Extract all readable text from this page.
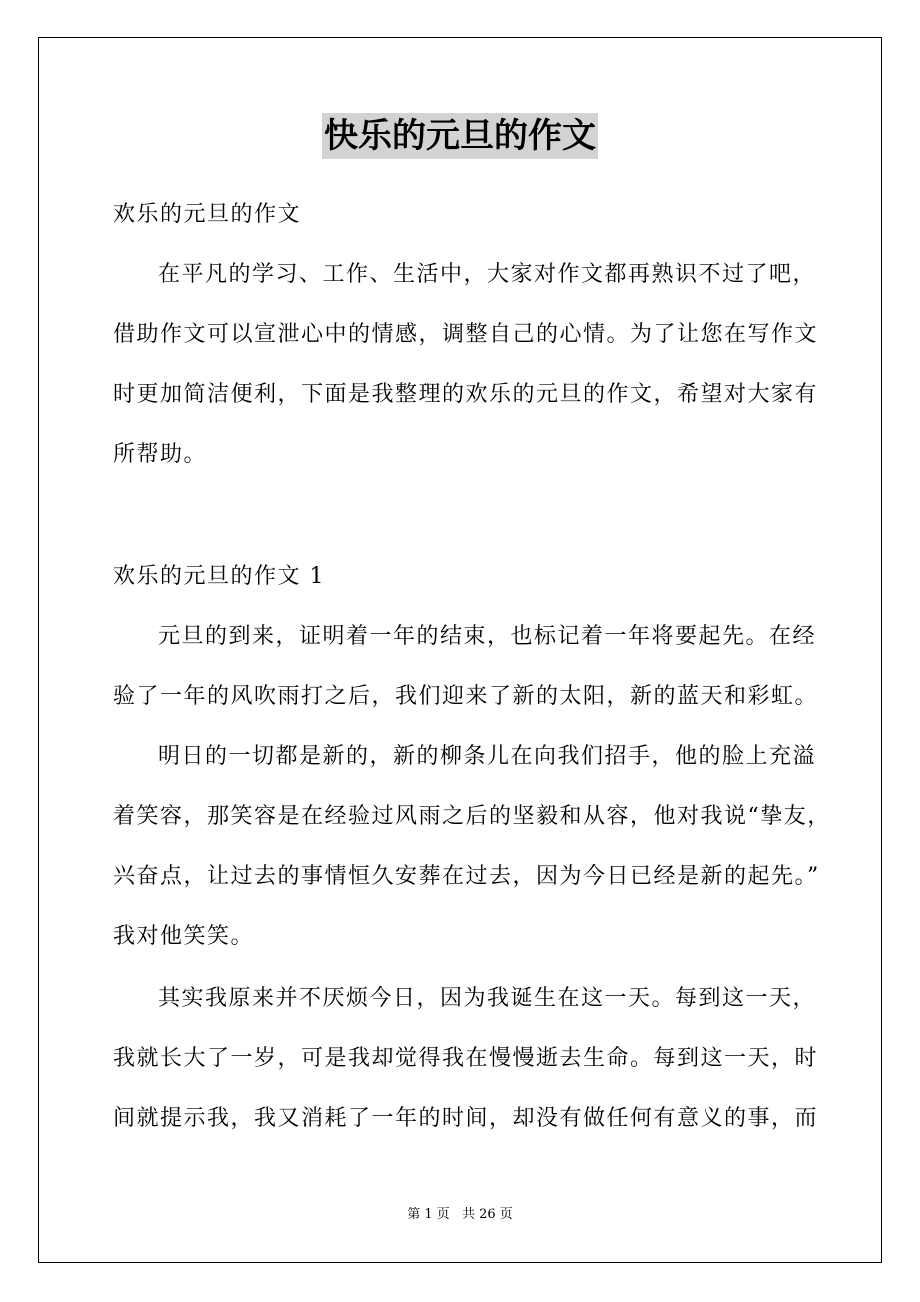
快乐的元旦的作文
欢乐的元旦的作文
在平凡的学习、工作、生活中，大家对作文都再熟识不过了吧，
借助作文可以宣泄心中的情感，调整自己的心情。为了让您在写作文
时更加简洁便利，下面是我整理的欢乐的元旦的作文，希望对大家有
所帮助。
欢乐的元旦的作文 1
元旦的到来，证明着一年的结束，也标记着一年将要起先。在经
验了一年的风吹雨打之后，我们迎来了新的太阳，新的蓝天和彩虹。
明日的一切都是新的，新的柳条儿在向我们招手，他的脸上充溢
着笑容，那笑容是在经验过风雨之后的坚毅和从容，他对我说“挚友，
兴奋点，让过去的事情恒久安葬在过去，因为今日已经是新的起先。”
我对他笑笑。
其实我原来并不厌烦今日，因为我诞生在这一天。每到这一天，
我就长大了一岁，可是我却觉得我在慢慢逝去生命。每到这一天，时
间就提示我，我又消耗了一年的时间，却没有做任何有意义的事，而
第 1 页 共 26 页
